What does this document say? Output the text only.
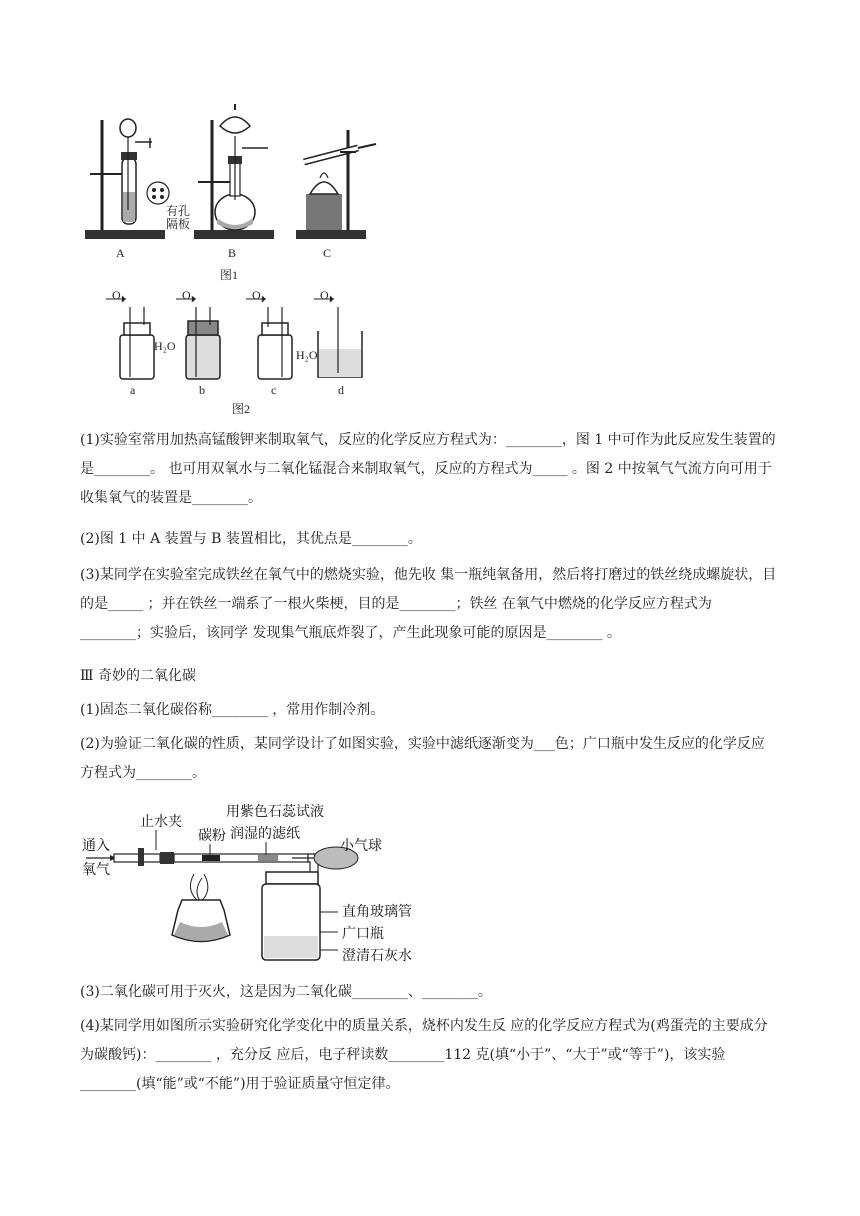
有孔
隔板
A	B	C
图1
O₂	O₂	O₂	O₂
H₂O
H₂O
a	b	c	d
图2

(1)实验室常用加热高锰酸钾来制取氧气，反应的化学反应方程式为：________，图 1 中可作为此反应发生装置的是________。 也可用双氧水与二氧化锰混合来制取氧气，反应的方程式为_____ 。图 2 中按氧气气流方向可用于收集氧气的装置是________。

(2)图 1 中 A 装置与 B 装置相比，其优点是________。

(3)某同学在实验室完成铁丝在氧气中的燃烧实验，他先收 集一瓶纯氧备用，然后将打磨过的铁丝绕成螺旋状，目的是_____ ；并在铁丝一端系了一根火柴梗，目的是________；铁丝 在氧气中燃烧的化学反应方程式为________；实验后，该同学 发现集气瓶底炸裂了，产生此现象可能的原因是________ 。

Ⅲ 奇妙的二氧化碳

(1)固态二氧化碳俗称________ ，常用作制冷剂。

(2)为验证二氧化碳的性质，某同学设计了如图实验，实验中滤纸逐渐变为___色；广口瓶中发生反应的化学反应 方程式为________。

通入
氧气
止水夹
碳粉
用紫色石蕊试液
润湿的滤纸
小气球
直角玻璃管
广口瓶
澄清石灰水

(3)二氧化碳可用于灭火，这是因为二氧化碳________、________。

(4)某同学用如图所示实验研究化学变化中的质量关系，烧杯内发生反 应的化学反应方程式为(鸡蛋壳的主要成分为碳酸钙)：________ ，充分反 应后，电子秤读数________112 克(填“小于”、“大于”或“等于”)，该实验________(填“能”或“不能”)用于验证质量守恒定律。
